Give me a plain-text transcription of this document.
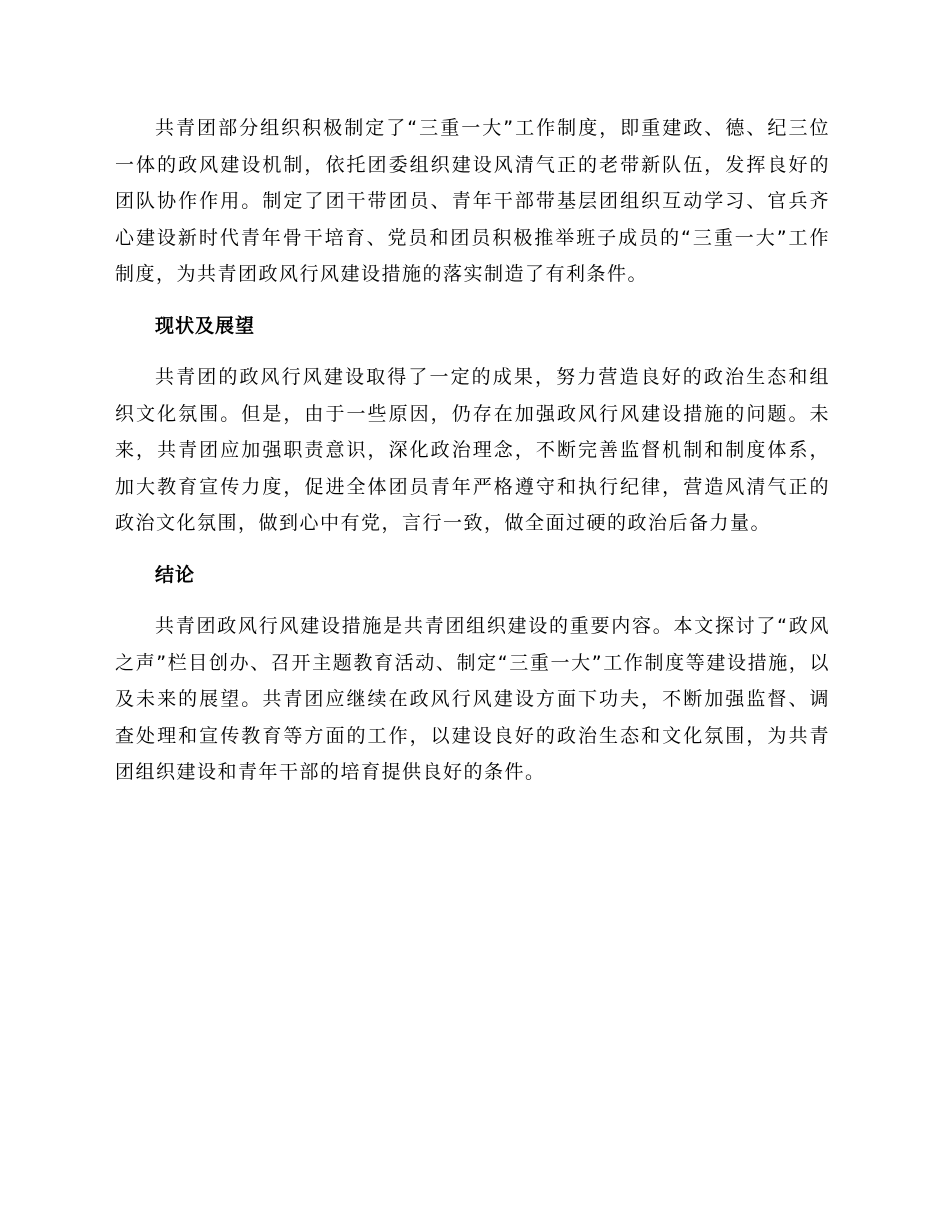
共青团部分组织积极制定了“三重一大”工作制度，即重建政、德、纪三位一体的政风建设机制，依托团委组织建设风清气正的老带新队伍，发挥良好的团队协作作用。制定了团干带团员、青年干部带基层团组织互动学习、官兵齐心建设新时代青年骨干培育、党员和团员积极推举班子成员的“三重一大”工作制度，为共青团政风行风建设措施的落实制造了有利条件。

现状及展望

共青团的政风行风建设取得了一定的成果，努力营造良好的政治生态和组织文化氛围。但是，由于一些原因，仍存在加强政风行风建设措施的问题。未来，共青团应加强职责意识，深化政治理念，不断完善监督机制和制度体系，加大教育宣传力度，促进全体团员青年严格遵守和执行纪律，营造风清气正的政治文化氛围，做到心中有党，言行一致，做全面过硬的政治后备力量。

结论

共青团政风行风建设措施是共青团组织建设的重要内容。本文探讨了“政风之声”栏目创办、召开主题教育活动、制定“三重一大”工作制度等建设措施，以及未来的展望。共青团应继续在政风行风建设方面下功夫，不断加强监督、调查处理和宣传教育等方面的工作，以建设良好的政治生态和文化氛围，为共青团组织建设和青年干部的培育提供良好的条件。
